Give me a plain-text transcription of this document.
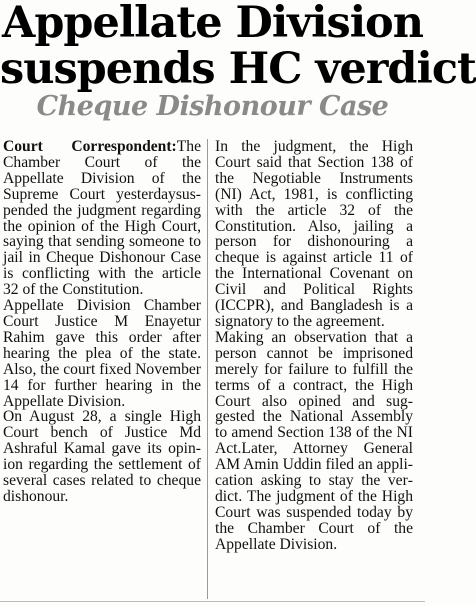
Appellate Division
suspends HC verdict
Cheque Dishonour Case

Court Correspondent:The Chamber Court of the Appellate Division of the Supreme Court yesterdaysuspended the judgment regarding the opinion of the High Court, saying that sending someone to jail in Cheque Dishonour Case is conflicting with the article 32 of the Constitution.

Appellate Division Chamber Court Justice M Enayetur Rahim gave this order after hearing the plea of the state. Also, the court fixed November 14 for further hearing in the Appellate Division.

On August 28, a single High Court bench of Justice Md Ashraful Kamal gave its opinion regarding the settlement of several cases related to cheque dishonour.

In the judgment, the High Court said that Section 138 of the Negotiable Instruments (NI) Act, 1981, is conflicting with the article 32 of the Constitution. Also, jailing a person for dishonouring a cheque is against article 11 of the International Covenant on Civil and Political Rights (ICCPR), and Bangladesh is a signatory to the agreement.

Making an observation that a person cannot be imprisoned merely for failure to fulfill the terms of a contract, the High Court also opined and suggested the National Assembly to amend Section 138 of the NI Act.Later, Attorney General AM Amin Uddin filed an application asking to stay the verdict. The judgment of the High Court was suspended today by the Chamber Court of the Appellate Division.
